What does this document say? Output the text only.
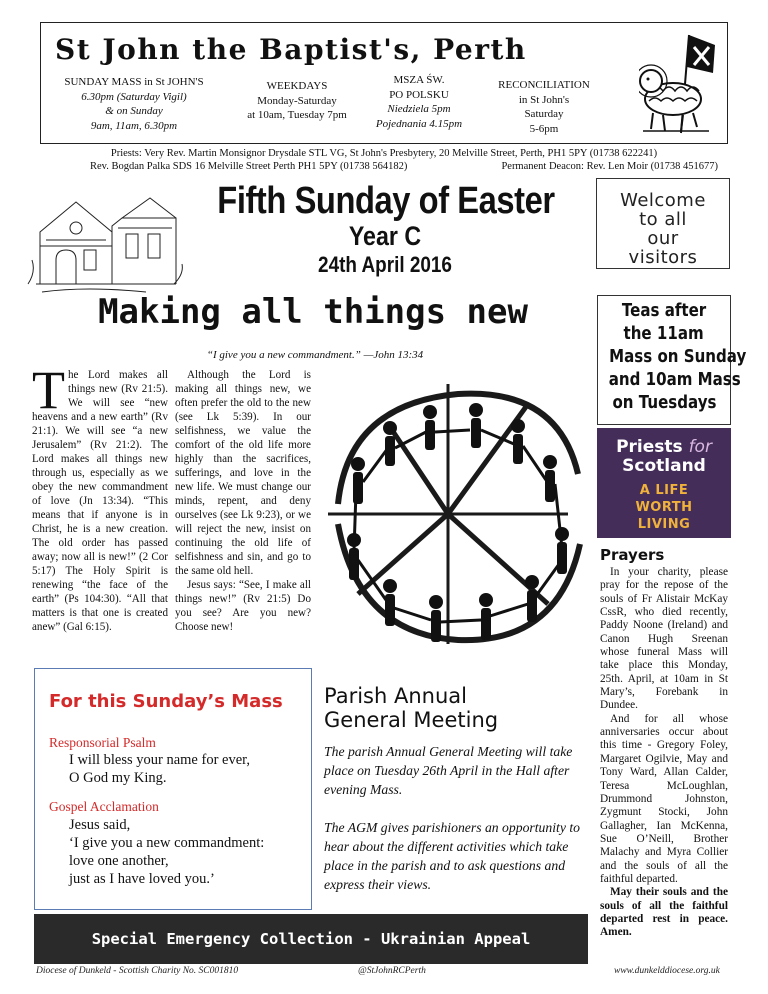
St John the Baptist's, Perth
SUNDAY MASS in St JOHN'S
6.30pm (Saturday Vigil)
& on Sunday
9am, 11am, 6.30pm
WEEKDAYS
Monday-Saturday
at 10am, Tuesday 7pm
MSZA ŚW.
PO POLSKU
Niedziela 5pm
Pojednania 4.15pm
RECONCILIATION
in St John's
Saturday
5-6pm
Priests: Very Rev. Martin Monsignor Drysdale STL VG, St John's Presbytery, 20 Melville Street, Perth, PH1 5PY (01738 622241)
Rev. Bogdan Palka SDS 16 Melville Street Perth PH1 5PY (01738 564182)	Permanent Deacon: Rev. Len Moir (01738 451677)
Fifth Sunday of Easter
Year C
24th April 2016
Welcome
to all
our
visitors
Making all things new
“I give you a new commandment.” —John 13:34
The Lord makes all things new (Rv 21:5). We will see “new heavens and a new earth” (Rv 21:1). We will see “a new Jerusalem” (Rv 21:2). The Lord makes all things new through us, especially as we obey the new commandment of love (Jn 13:34). “This means that if anyone is in Christ, he is a new creation. The old order has passed away; now all is new!” (2 Cor 5:17) The Holy Spirit is renewing “the face of the earth” (Ps 104:30). “All that matters is that one is created anew” (Gal 6:15).

Although the Lord is making all things new, we often prefer the old to the new (see Lk 5:39). In our selfishness, we value the comfort of the old life more highly than the sacrifices, sufferings, and love in the new life. We must change our minds, repent, and deny ourselves (see Lk 9:23), or we will reject the new, insist on continuing the old life of selfishness and sin, and go to the same old hell.

Jesus says: “See, I make all things new!” (Rv 21:5) Do you see? Are you new? Choose new!

For this Sunday’s Mass
Responsorial Psalm
I will bless your name for ever,
O God my King.
Gospel Acclamation
Jesus said,
‘I give you a new commandment:
love one another,
just as I have loved you.’
Parish Annual
General Meeting
The parish Annual General Meeting will take place on Tuesday 26th April in the Hall after evening Mass.
The AGM gives parishioners an opportunity to hear about the different activities which take place in the parish and to ask questions and express their views.
Special Emergency Collection - Ukrainian Appeal
Diocese of Dunkeld - Scottish Charity No. SC001810	@StJohnRCPerth	www.dunkelddiocese.org.uk
Teas after
the 11am
Mass on Sunday
and 10am Mass
on Tuesdays
Priests for
Scotland
A LIFE
WORTH
LIVING
Prayers

In your charity, please pray for the repose of the souls of Fr Alistair McKay CssR, who died recently, Paddy Noone (Ireland) and Canon Hugh Sreenan whose funeral Mass will take place this Monday, 25th. April, at 10am in St Mary’s, Forebank in Dundee.

And for all whose anniversaries occur about this time - Gregory Foley, Margaret Ogilvie, May and Tony Ward, Allan Calder, Teresa McLoughlan, Drummond Johnston, Zygmunt Stocki, John Gallagher, Ian McKenna, Sue O’Neill, Brother Malachy and Myra Collier and the souls of all the faithful departed.

May their souls and the souls of all the faithful departed rest in peace. Amen.
